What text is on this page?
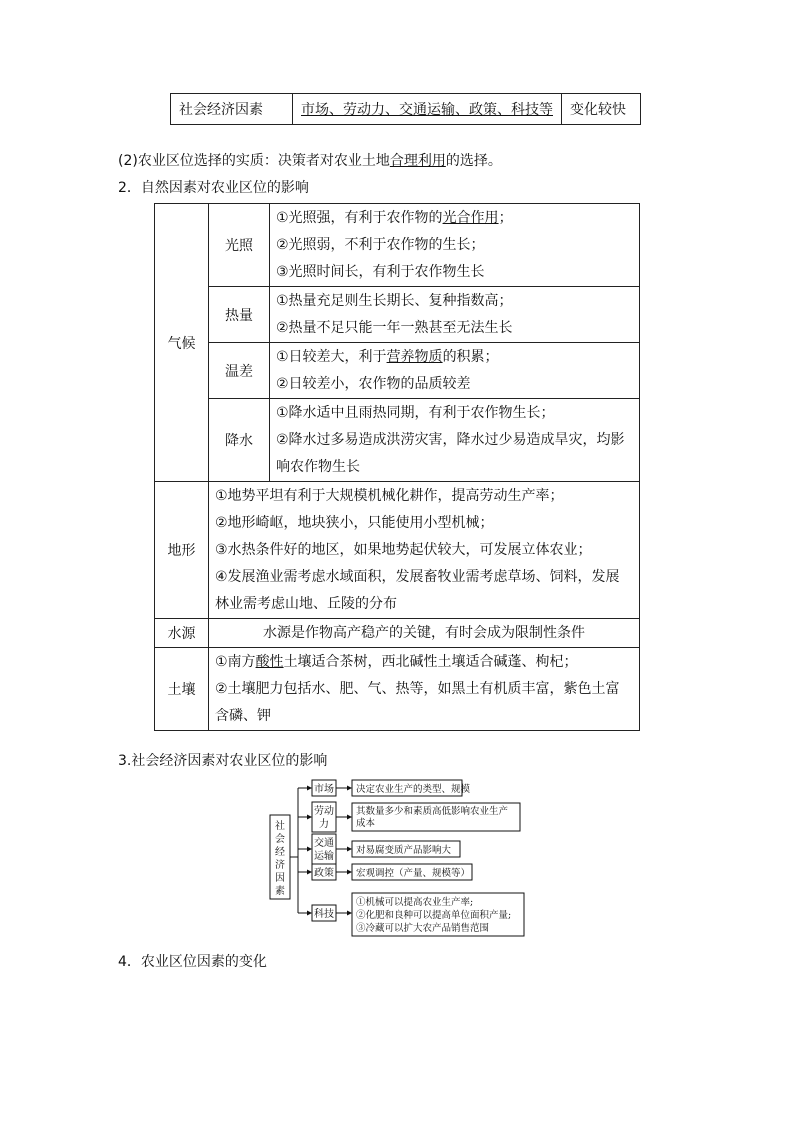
社会经济因素	市场、劳动力、交通运输、政策、科技等	变化较快
(2)农业区位选择的实质：决策者对农业土地合理利用的选择。
2．自然因素对农业区位的影响
气候	光照	①光照强，有利于农作物的光合作用；
②光照弱，不利于农作物的生长；
③光照时间长，有利于农作物生长

	热量	①热量充足则生长期长、复种指数高；
②热量不足只能一年一熟甚至无法生长

	温差	①日较差大，利于营养物质的积累；
②日较差小，农作物的品质较差

	降水	①降水适中且雨热同期，有利于农作物生长；
②降水过多易造成洪涝灾害，降水过少易造成旱灾，均影响农作物生长

地形	①地势平坦有利于大规模机械化耕作，提高劳动生产率；
②地形崎岖，地块狭小，只能使用小型机械；
③水热条件好的地区，如果地势起伏较大，可发展立体农业；
④发展渔业需考虑水域面积，发展畜牧业需考虑草场、饲料，发展林业需考虑山地、丘陵的分布	

水源	水源是作物高产稳产的关键，有时会成为限制性条件	
土壤	①南方酸性土壤适合茶树，西北碱性土壤适合碱蓬、枸杞；
②土壤肥力包括水、肥、气、热等，如黑土有机质丰富，紫色土富含磷、钾	
3.社会经济因素对农业区位的影响
社
会
经
济
因
素
市场
劳动
力
交通
运输
政策
科技
决定农业生产的类型、规模
其数量多少和素质高低影响农业生产
成本
对易腐变质产品影响大
宏观调控（产量、规模等）
①机械可以提高农业生产率;
②化肥和良种可以提高单位面积产量;
③冷藏可以扩大农产品销售范围
4．农业区位因素的变化
